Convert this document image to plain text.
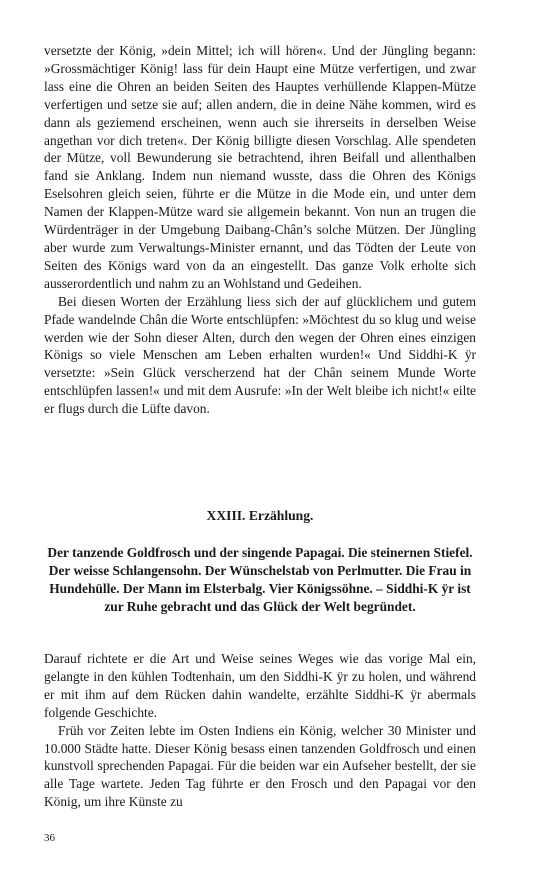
versetzte der König, »dein Mittel; ich will hören«. Und der Jüngling begann: »Grossmächtiger König! lass für dein Haupt eine Mütze verfertigen, und zwar lass eine die Ohren an beiden Seiten des Hauptes verhüllende Klappen-Mütze verfertigen und setze sie auf; allen andern, die in deine Nähe kommen, wird es dann als geziemend erscheinen, wenn auch sie ihrerseits in derselben Weise angethan vor dich treten«. Der König billigte diesen Vorschlag. Alle spendeten der Mütze, voll Bewunderung sie betrachtend, ihren Beifall und allenthalben fand sie Anklang. Indem nun niemand wusste, dass die Ohren des Königs Eselsohren gleich seien, führte er die Mütze in die Mode ein, und unter dem Namen der Klappen-Mütze ward sie allgemein bekannt. Von nun an trugen die Würdenträger in der Umgebung Daibang-Chân’s solche Mützen. Der Jüngling aber wurde zum Verwaltungs-Minister ernannt, und das Tödten der Leute von Seiten des Königs ward von da an eingestellt. Das ganze Volk erholte sich ausserordentlich und nahm zu an Wohlstand und Gedeihen.

Bei diesen Worten der Erzählung liess sich der auf glücklichem und gutem Pfade wandelnde Chân die Worte entschlüpfen: »Möchtest du so klug und weise werden wie der Sohn dieser Alten, durch den wegen der Ohren eines einzigen Königs so viele Menschen am Leben erhalten wurden!« Und Siddhi-K ÿr versetzte: »Sein Glück verscherzend hat der Chân seinem Munde Worte entschlüpfen lassen!« und mit dem Ausrufe: »In der Welt bleibe ich nicht!« eilte er flugs durch die Lüfte davon.

XXIII. Erzählung.
Der tanzende Goldfrosch und der singende Papagai. Die steinernen Stiefel. Der weisse Schlangensohn. Der Wünschelstab von Perlmutter. Die Frau in Hundehülle. Der Mann im Elsterbalg. Vier Königssöhne. – Siddhi-K ÿr ist zur Ruhe gebracht und das Glück der Welt begründet.

Darauf richtete er die Art und Weise seines Weges wie das vorige Mal ein, gelangte in den kühlen Todtenhain, um den Siddhi-K ÿr zu holen, und während er mit ihm auf dem Rücken dahin wandelte, erzählte Siddhi-K ÿr abermals folgende Geschichte.

Früh vor Zeiten lebte im Osten Indiens ein König, welcher 30 Minister und 10.000 Städte hatte. Dieser König besass einen tanzenden Goldfrosch und einen kunstvoll sprechenden Papagai. Für die beiden war ein Aufseher bestellt, der sie alle Tage wartete. Jeden Tag führte er den Frosch und den Papagai vor den König, um ihre Künste zu

36
